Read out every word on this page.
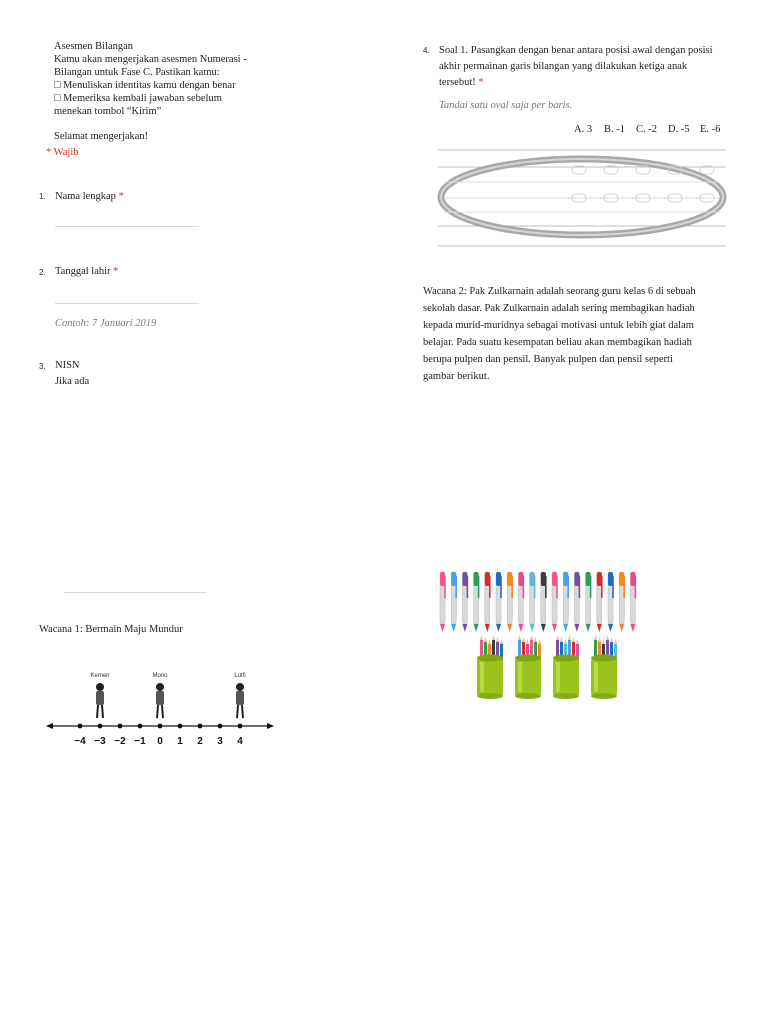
Asesmen Bilangan
Kamu akan mengerjakan asesmen Numerasi -
Bilangan untuk Fase C. Pastikan kamu:
□ Menuliskan identitas kamu dengan benar
□ Memeriksa kembali jawaban sebelum
menekan tombol “Kirim”
Selamat mengerjakan!
* Wajib
1. Nama lengkap *
2. Tanggal lahir *
Contoh: 7 Januari 2019
3. NISN
Jika ada
Wacana 1: Bermain Maju Mundur
−4 −3 −2 −1 0 1 2 3 4
Kemen	Mono	Lutfi
4. Soal 1. Pasangkan dengan benar antara posisi awal dengan posisi
akhir permainan garis bilangan yang dilakukan ketiga anak
tersebut! *
Tandai satu oval saja per baris.
A. 3 B. -1 C. -2 D. -5 E. -6
Wacana 2: Pak Zulkarnain adalah seorang guru kelas 6 di sebuah
sekolah dasar. Pak Zulkarnain adalah sering membagikan hadiah
kepada murid-muridnya sebagai motivasi untuk lebih giat dalam
belajar. Pada suatu kesempatan beliau akan membagikan hadiah
berupa pulpen dan pensil. Banyak pulpen dan pensil seperti
gambar berikut.
